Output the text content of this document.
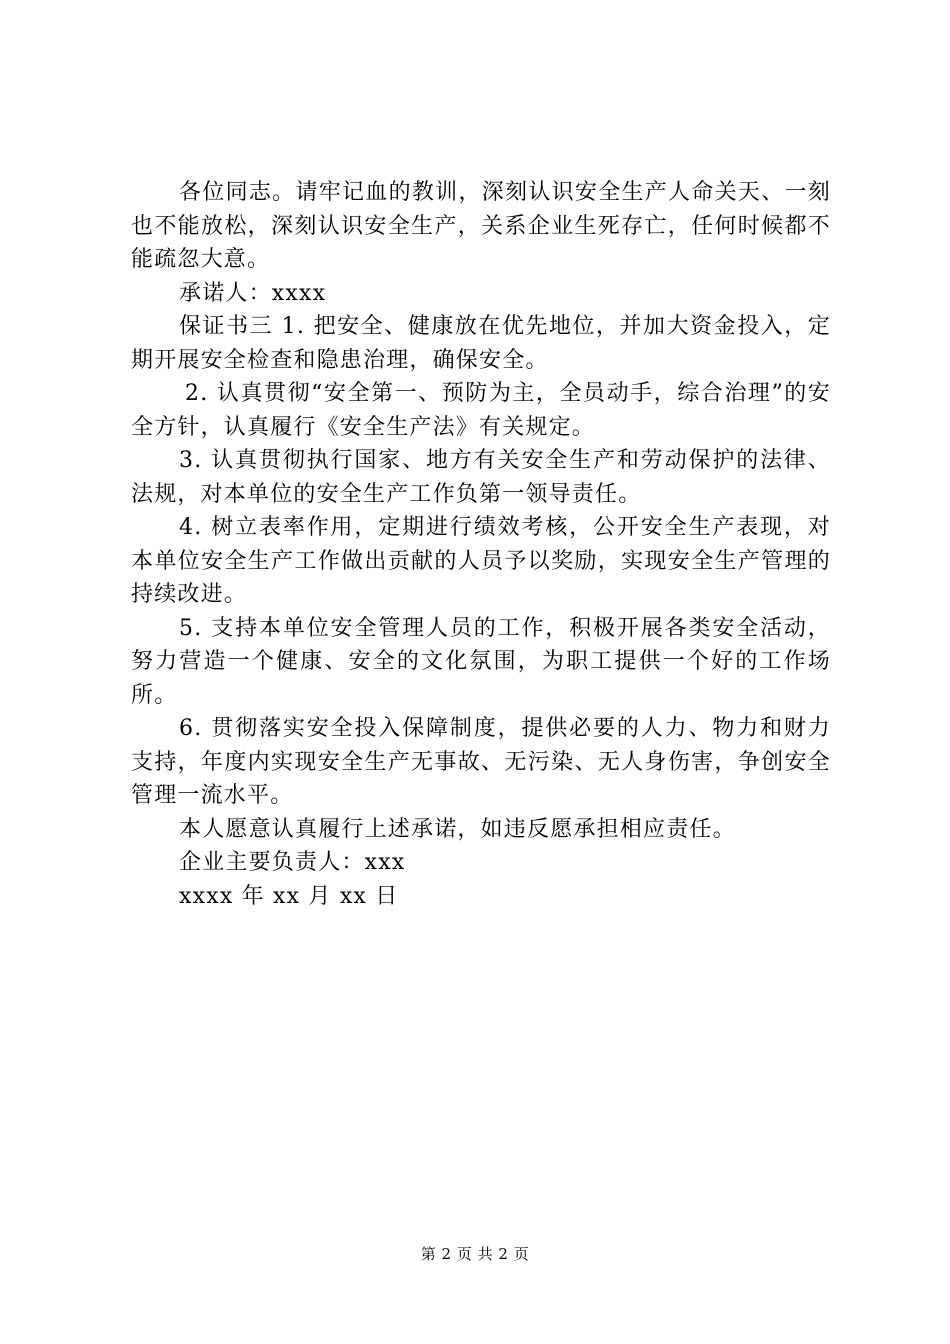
各位同志。请牢记血的教训，深刻认识安全生产人命关天、一刻也不能放松，深刻认识安全生产，关系企业生死存亡，任何时候都不能疏忽大意。

承诺人：xxxx

保证书三 1. 把安全、健康放在优先地位，并加大资金投入，定期开展安全检查和隐患治理，确保安全。

2. 认真贯彻“安全第一、预防为主，全员动手，综合治理”的安全方针，认真履行《安全生产法》有关规定。

3. 认真贯彻执行国家、地方有关安全生产和劳动保护的法律、法规，对本单位的安全生产工作负第一领导责任。

4. 树立表率作用，定期进行绩效考核，公开安全生产表现，对本单位安全生产工作做出贡献的人员予以奖励，实现安全生产管理的持续改进。

5. 支持本单位安全管理人员的工作，积极开展各类安全活动，努力营造一个健康、安全的文化氛围，为职工提供一个好的工作场所。

6. 贯彻落实安全投入保障制度，提供必要的人力、物力和财力支持，年度内实现安全生产无事故、无污染、无人身伤害，争创安全管理一流水平。

本人愿意认真履行上述承诺，如违反愿承担相应责任。

企业主要负责人：xxx

xxxx 年 xx 月 xx 日

第 2 页 共 2 页
